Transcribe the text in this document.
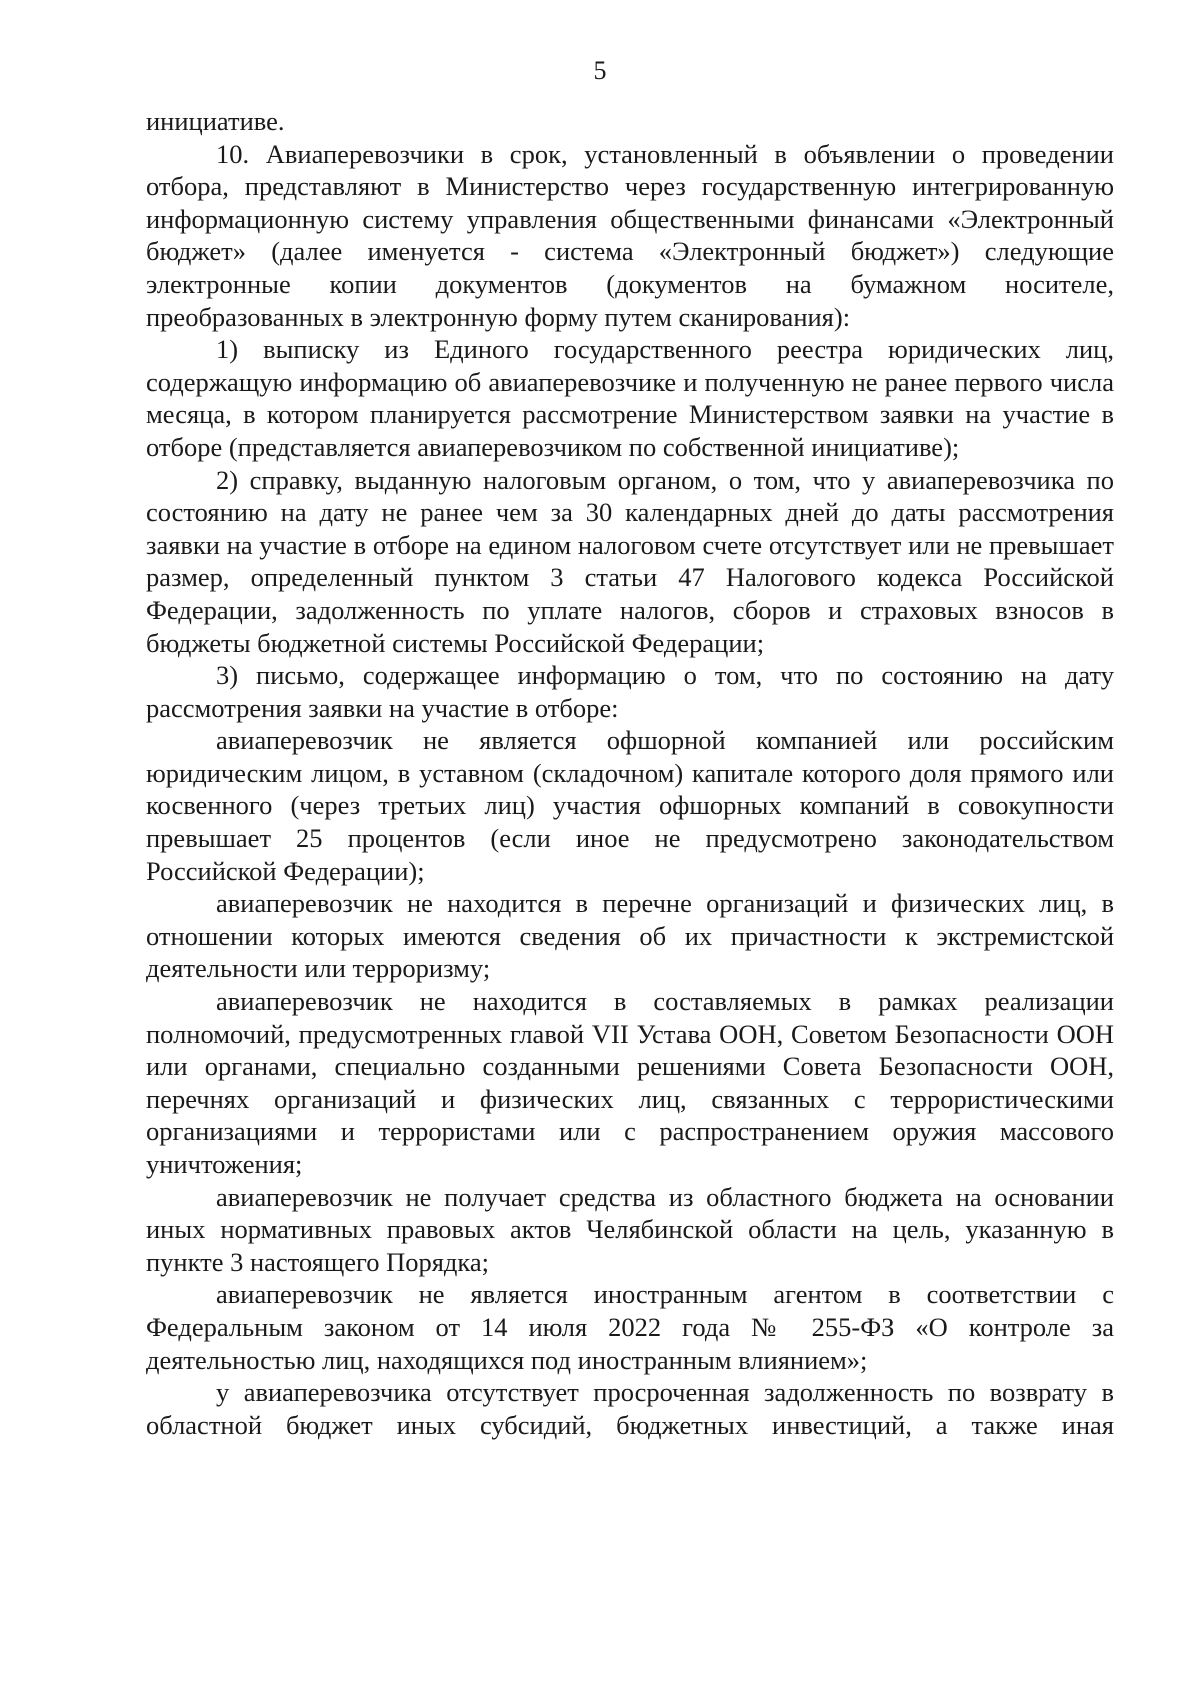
5

инициативе.

10. Авиаперевозчики в срок, установленный в объявлении о проведении отбора, представляют в Министерство через государственную интегрированную информационную систему управления общественными финансами «Электронный бюджет» (далее именуется - система «Электронный бюджет») следующие электронные копии документов (документов на бумажном носителе, преобразованных в электронную форму путем сканирования):

1) выписку из Единого государственного реестра юридических лиц, содержащую информацию об авиаперевозчике и полученную не ранее первого числа месяца, в котором планируется рассмотрение Министерством заявки на участие в отборе (представляется авиаперевозчиком по собственной инициативе);

2) справку, выданную налоговым органом, о том, что у авиаперевозчика по состоянию на дату не ранее чем за 30 календарных дней до даты рассмотрения заявки на участие в отборе на едином налоговом счете отсутствует или не превышает размер, определенный пунктом 3 статьи 47 Налогового кодекса Российской Федерации, задолженность по уплате налогов, сборов и страховых взносов в бюджеты бюджетной системы Российской Федерации;

3) письмо, содержащее информацию о том, что по состоянию на дату рассмотрения заявки на участие в отборе:

авиаперевозчик не является офшорной компанией или российским юридическим лицом, в уставном (складочном) капитале которого доля прямого или косвенного (через третьих лиц) участия офшорных компаний в совокупности превышает 25 процентов (если иное не предусмотрено законодательством Российской Федерации);

авиаперевозчик не находится в перечне организаций и физических лиц, в отношении которых имеются сведения об их причастности к экстремистской деятельности или терроризму;

авиаперевозчик не находится в составляемых в рамках реализации полномочий, предусмотренных главой VII Устава ООН, Советом Безопасности ООН или органами, специально созданными решениями Совета Безопасности ООН, перечнях организаций и физических лиц, связанных с террористическими организациями и террористами или с распространением оружия массового уничтожения;

авиаперевозчик не получает средства из областного бюджета на основании иных нормативных правовых актов Челябинской области на цель, указанную в пункте 3 настоящего Порядка;

авиаперевозчик не является иностранным агентом в соответствии с Федеральным законом от 14 июля 2022 года № 255-ФЗ «О контроле за деятельностью лиц, находящихся под иностранным влиянием»;

у авиаперевозчика отсутствует просроченная задолженность по возврату в областной бюджет иных субсидий, бюджетных инвестиций, а также иная
